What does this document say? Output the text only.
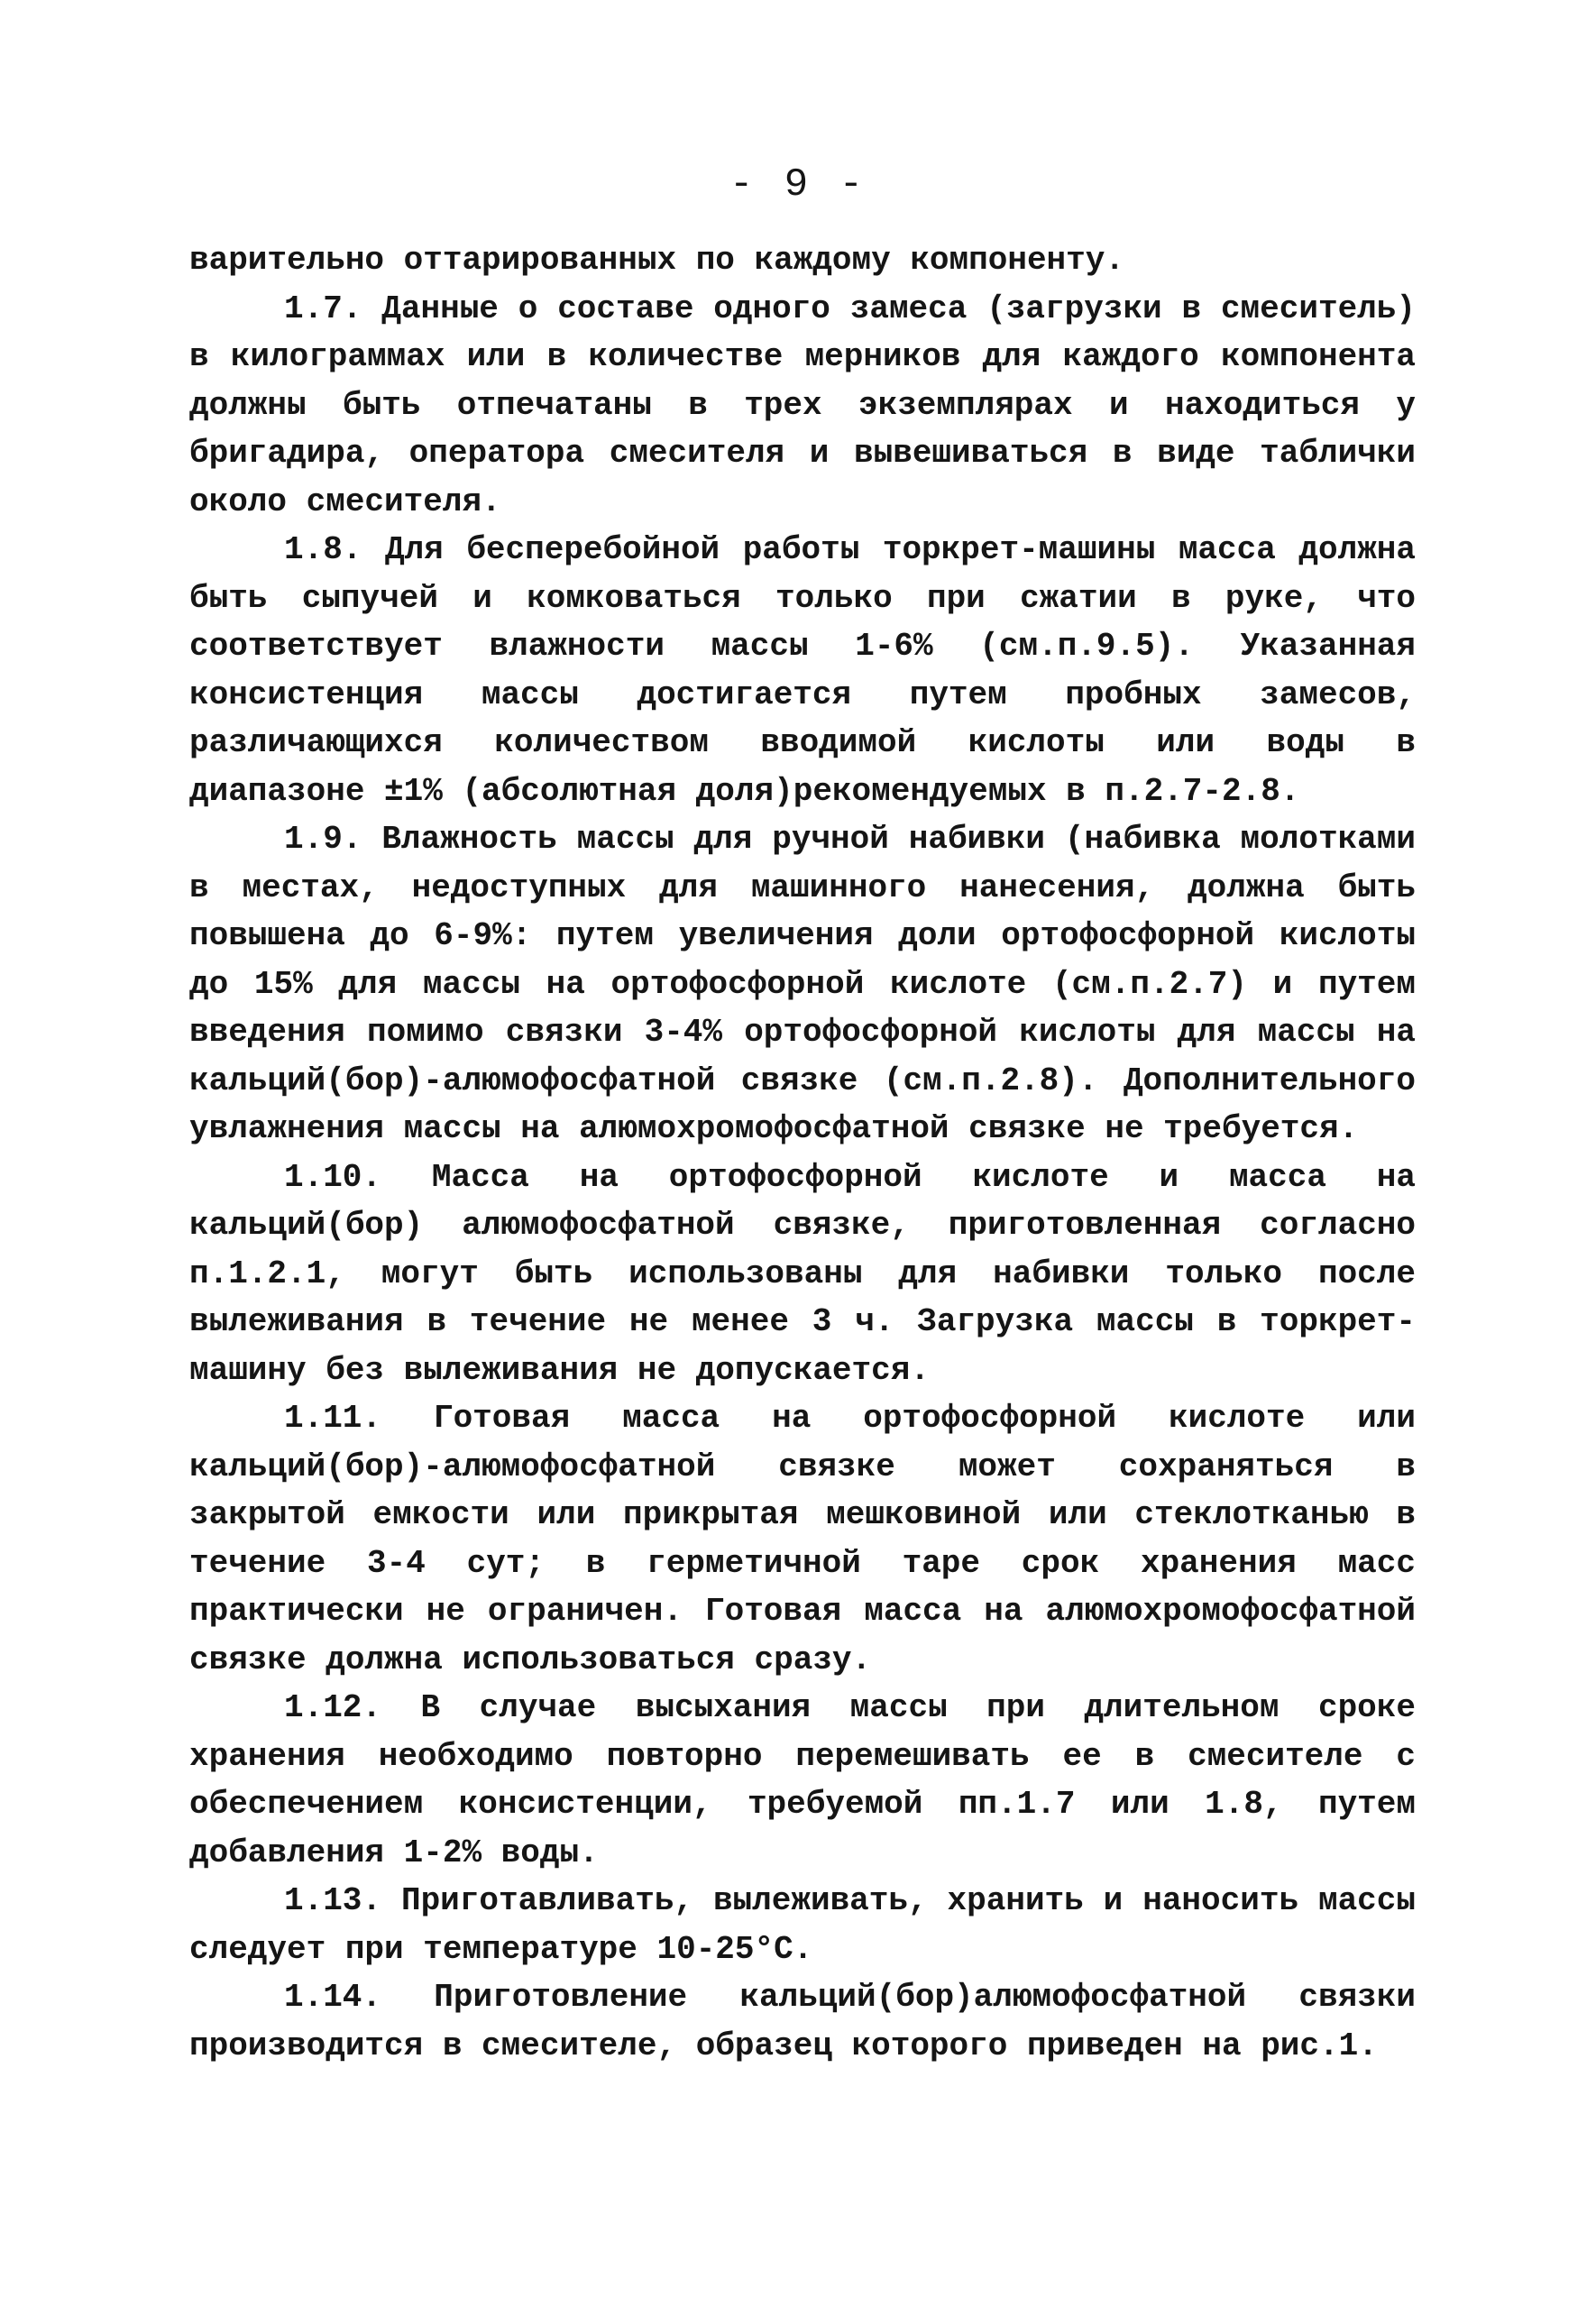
- 9 -

варительно оттарированных по каждому компоненту.

1.7. Данные о составе одного замеса (загрузки в смеситель) в килограммах или в количестве мерников для каждого компонента должны быть отпечатаны в трех экземплярах и находиться у бригадира, оператора смесителя и вывешиваться в виде таблички около смесителя.

1.8. Для бесперебойной работы торкрет-машины масса должна быть сыпучей и комковаться только при сжатии в руке, что соответствует влажности массы 1-6% (см.п.9.5). Указанная консистенция массы достигается путем пробных замесов, различающихся количеством вводимой кислоты или воды в диапазоне ±1% (абсолютная доля)рекомендуемых в п.2.7-2.8.

1.9. Влажность массы для ручной набивки (набивка молотками в местах, недоступных для машинного нанесения, должна быть повышена до 6-9%: путем увеличения доли ортофосфорной кислоты до 15% для массы на ортофосфорной кислоте (см.п.2.7) и путем введения помимо связки 3-4% ортофосфорной кислоты для массы на кальций(бор)-алюмофосфатной связке (см.п.2.8). Дополнительного увлажнения массы на алюмохромофосфатной связке не требуется.

1.10. Масса на ортофосфорной кислоте и масса на кальций(бор) алюмофосфатной связке, приготовленная согласно п.1.2.1, могут быть использованы для набивки только после вылеживания в течение не менее 3 ч. Загрузка массы в торкрет-машину без вылеживания не допускается.

1.11. Готовая масса на ортофосфорной кислоте или кальций(бор)-алюмофосфатной связке может сохраняться в закрытой емкости или прикрытая мешковиной или стеклотканью в течение 3-4 сут; в герметичной таре срок хранения масс практически не ограничен. Готовая масса на алюмохромофосфатной связке должна использоваться сразу.

1.12. В случае высыхания массы при длительном сроке хранения необходимо повторно перемешивать ее в смесителе с обеспечением консистенции, требуемой пп.1.7 или 1.8, путем добавления 1-2% воды.

1.13. Приготавливать, вылеживать, хранить и наносить массы следует при температуре 10-25°С.

1.14. Приготовление кальций(бор)алюмофосфатной связки производится в смесителе, образец которого приведен на рис.1.
